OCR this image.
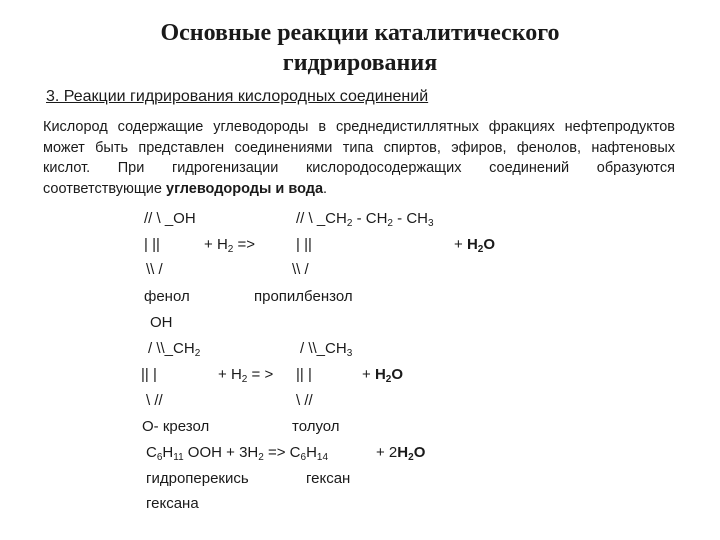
Основные реакции каталитического
гидрирования
3. Реакции гидрирования кислородных соединений
Кислород содержащие углеводороды в среднедистиллятных фракциях нефтепродуктов может быть представлен соединениями типа спиртов, эфиров, фенолов, нафтеновых кислот. При гидрогенизации кислородосодержащих соединений образуются соответствующие углеводороды и вода.
// \ _OH	// \ $\_CH_2 - CH_2 - CH_3$
| ||	+ $H_2$ =>	| ||	+ $H_2O$
\\ /	\\ /
фенол	пропилбензол
OH
/ $\backslash\backslash\_CH_2$	/ $\backslash\backslash\_CH_3$
|| |	+ $H_2$ = > || |	+ $H_2O$
\ //	\ //
О- крезол	толуол
$C_6H_{11}$ OOH + $3H_2 => C_6H_{14}$	+ $2H_2O$
гидроперекись	гексан
гексана
